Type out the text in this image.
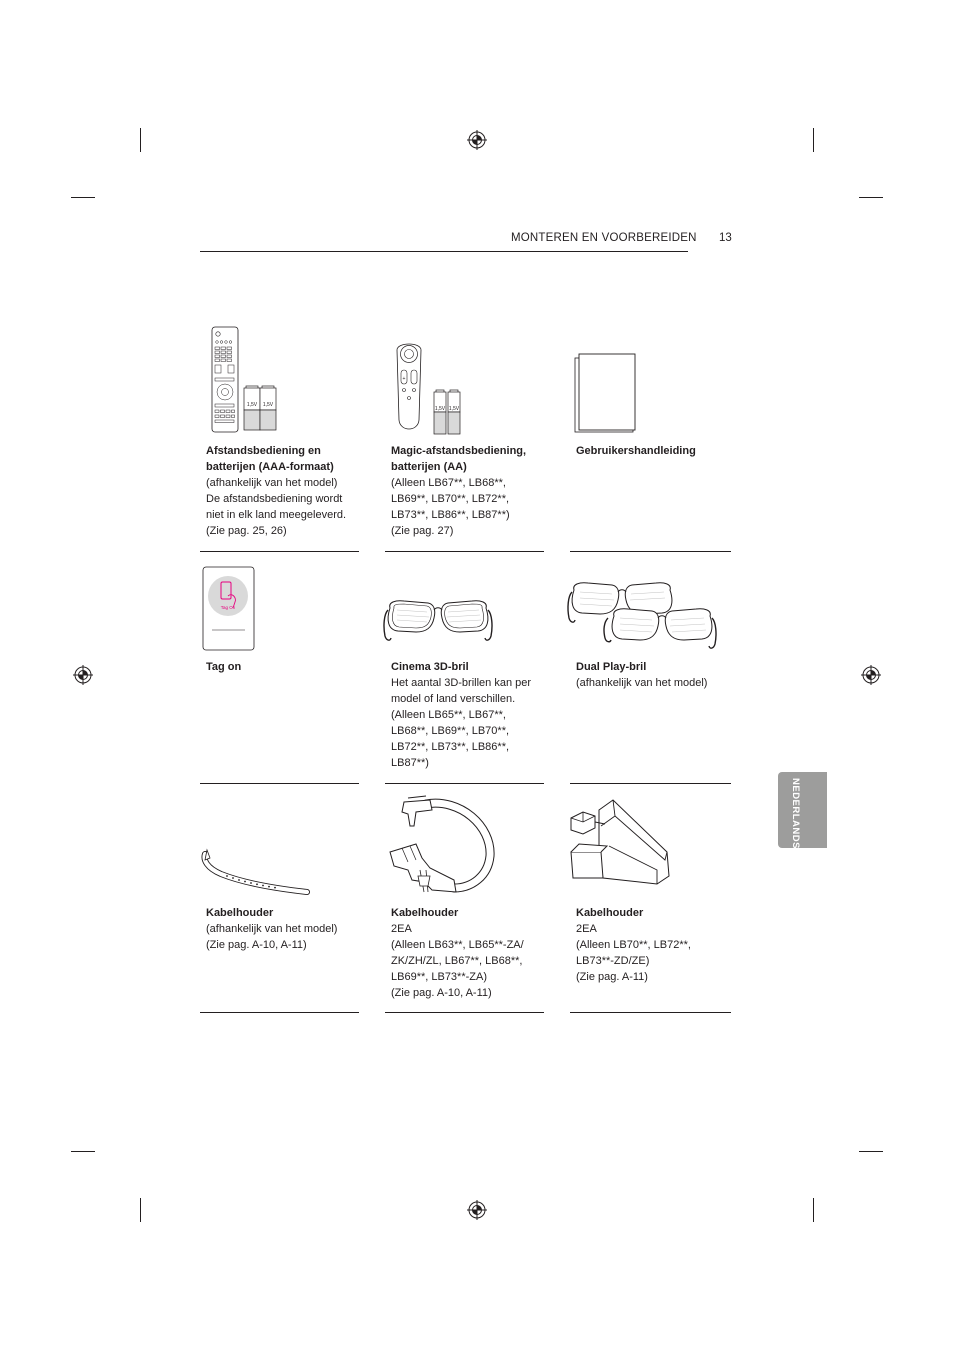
MONTEREN EN VOORBEREIDEN 13
NEDERLANDS
1,5V 1,5V

Afstandsbediening en
batterijen (AAA-formaat)

(afhankelijk van het model)
De afstandsbediening wordt
niet in elk land meegeleverd.
(Zie pag. 25, 26)

+
1,5V 1,5V

Magic-afstandsbediening,
batterijen (AA)

(Alleen LB67**, LB68**,
LB69**, LB70**, LB72**,
LB73**, LB86**, LB87**)
(Zie pag. 27)

Gebruikershandleiding

Tag On

Tag on	Cinema 3D-bril

Het aantal 3D-brillen kan per
model of land verschillen.
(Alleen LB65**, LB67**,
LB68**, LB69**, LB70**,
LB72**, LB73**, LB86**,
LB87**)

Dual Play-bril

(afhankelijk van het model)

Kabelhouder

(afhankelijk van het model)
(Zie pag. A-10, A-11)

Kabelhouder

2EA
(Alleen LB63**, LB65**-ZA/
ZK/ZH/ZL, LB67**, LB68**,
LB69**, LB73**-ZA)
(Zie pag. A-10, A-11)

Kabelhouder

2EA
(Alleen LB70**, LB72**,
LB73**-ZD/ZE)
(Zie pag. A-11)
